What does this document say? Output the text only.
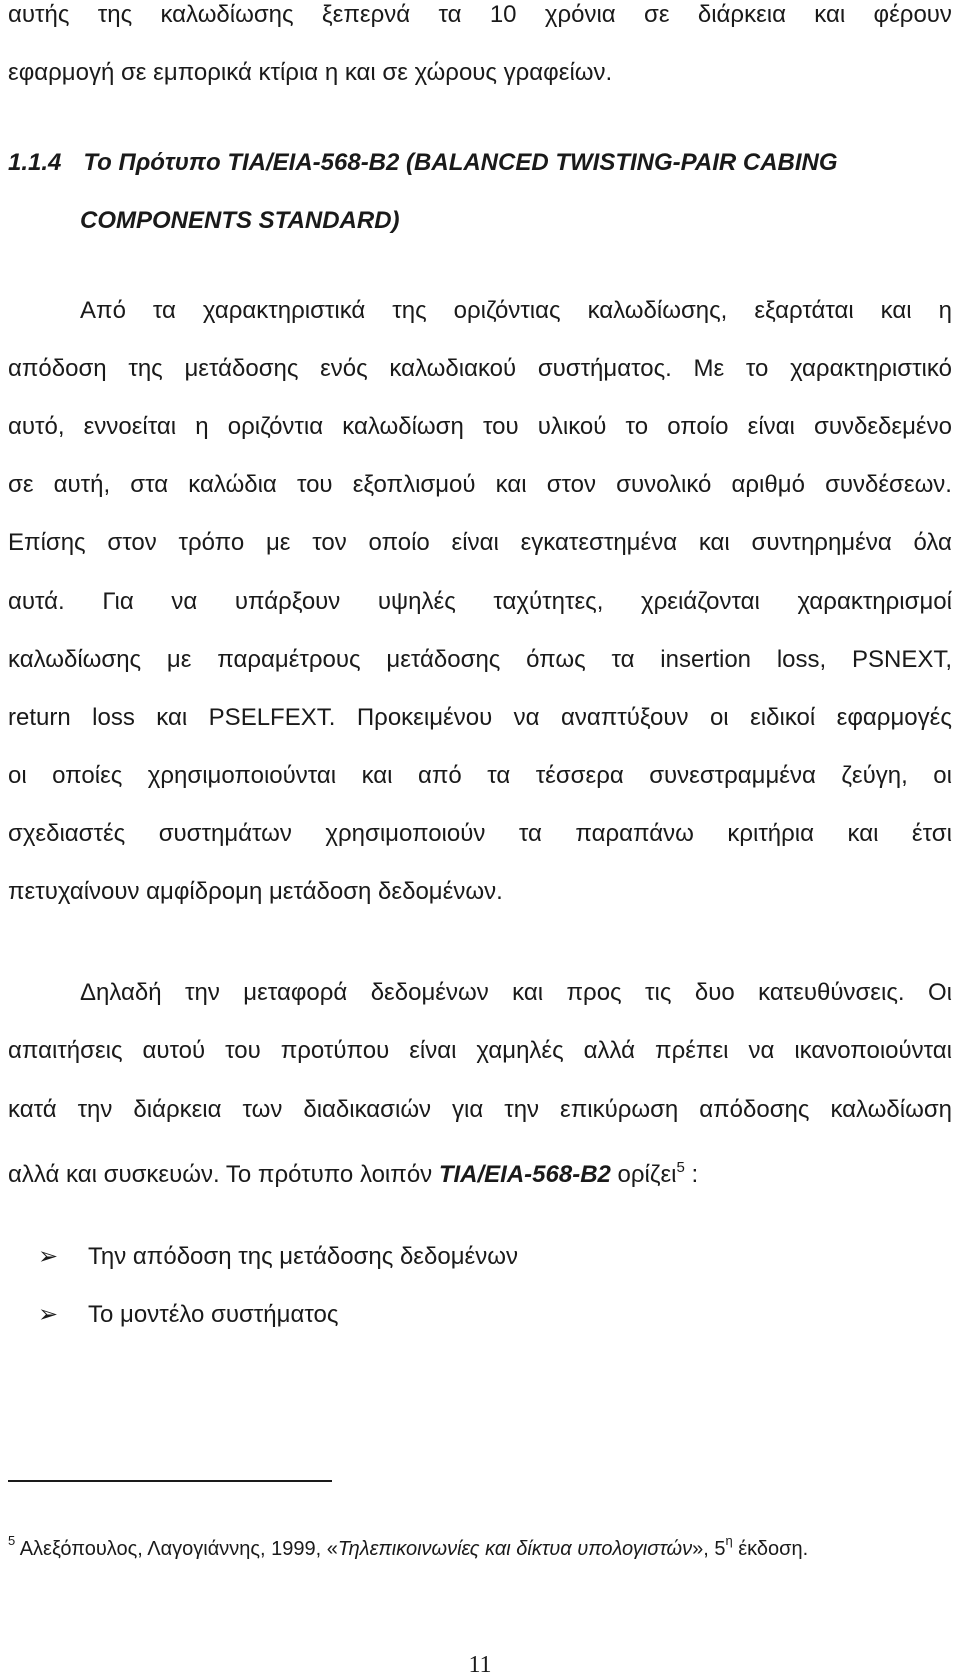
αυτής της καλωδίωσης ξεπερνά τα 10 χρόνια σε διάρκεια και φέρουν
εφαρμογή σε εμπορικά κτίρια η και σε χώρους γραφείων.
1.1.4 Το Πρότυπο TIA/EIA-568-B2 (BALANCED TWISTING-PAIR CABING
COMPONENTS STANDARD)
Από τα χαρακτηριστικά της οριζόντιας καλωδίωσης, εξαρτάται και η
απόδοση της μετάδοσης ενός καλωδιακού συστήματος. Με το χαρακτηριστικό
αυτό, εννοείται η οριζόντια καλωδίωση του υλικού το οποίο είναι συνδεδεμένο
σε αυτή, στα καλώδια του εξοπλισμού και στον συνολικό αριθμό συνδέσεων.
Επίσης στον τρόπο με τον οποίο είναι εγκατεστημένα και συντηρημένα όλα
αυτά. Για να υπάρξουν υψηλές ταχύτητες, χρειάζονται χαρακτηρισμοί
καλωδίωσης με παραμέτρους μετάδοσης όπως τα insertion loss, PSNEXT,
return loss και PSELFEXT. Προκειμένου να αναπτύξουν οι ειδικοί εφαρμογές
οι οποίες χρησιμοποιούνται και από τα τέσσερα συνεστραμμένα ζεύγη, οι
σχεδιαστές συστημάτων χρησιμοποιούν τα παραπάνω κριτήρια και έτσι
πετυχαίνουν αμφίδρομη μετάδοση δεδομένων.
Δηλαδή την μεταφορά δεδομένων και προς τις δυο κατευθύνσεις. Οι
απαιτήσεις αυτού του προτύπου είναι χαμηλές αλλά πρέπει να ικανοποιούνται
κατά την διάρκεια των διαδικασιών για την επικύρωση απόδοσης καλωδίωση
αλλά και συσκευών. Το πρότυπο λοιπόν TIA/EIA-568-B2 ορίζει$^5$ :
➢ Την απόδοση της μετάδοσης δεδομένων
➢ Το μοντέλο συστήματος
$^5$ Αλεξόπουλος, Λαγογιάννης, 1999, «Τηλεπικοινωνίες και δίκτυα υπολογιστών», $5^\eta$ έκδοση.
11
